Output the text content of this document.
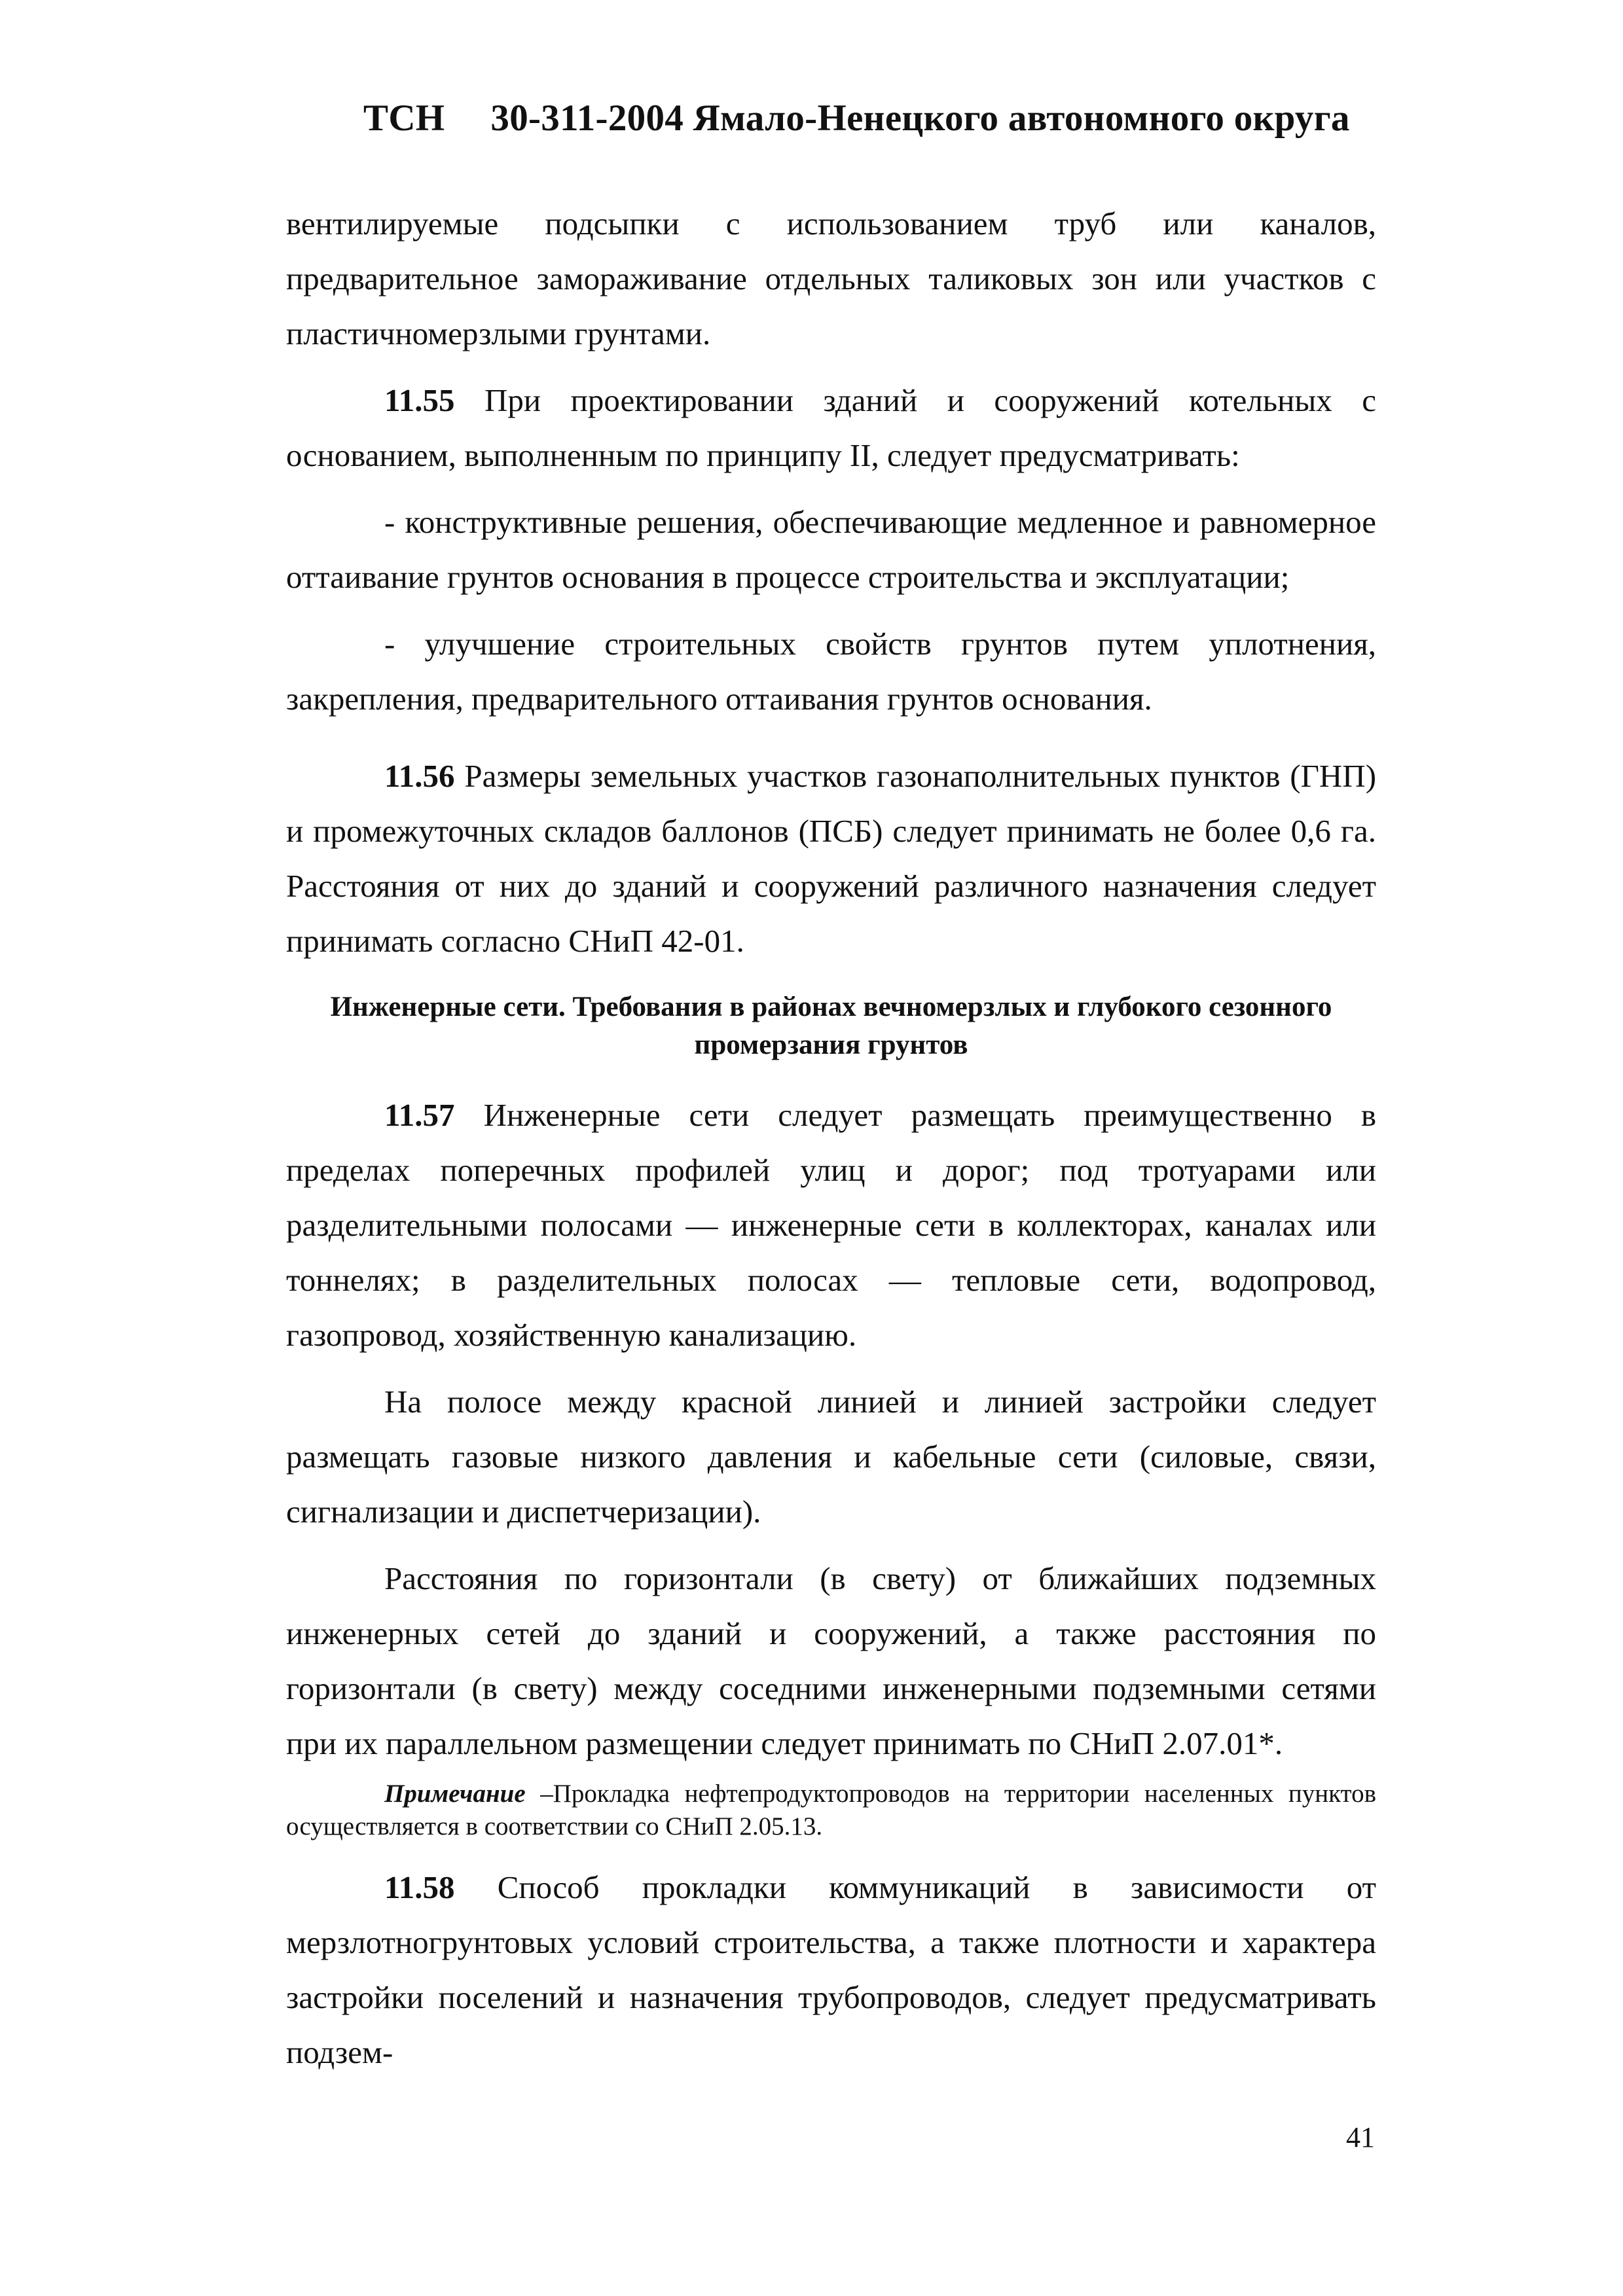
ТСН 30-311-2004 Ямало-Ненецкого автономного округа

вентилируемые подсыпки с использованием труб или каналов, предварительное замораживание отдельных таликовых зон или участков с пластичномерзлыми грунтами.

11.55 При проектировании зданий и сооружений котельных с основанием, выполненным по принципу II, следует предусматривать:

- конструктивные решения, обеспечивающие медленное и равномерное оттаивание грунтов основания в процессе строительства и эксплуатации;

- улучшение строительных свойств грунтов путем уплотнения, закрепления, предварительного оттаивания грунтов основания.

11.56 Размеры земельных участков газонаполнительных пунктов (ГНП) и промежуточных складов баллонов (ПСБ) следует принимать не более 0,6 га. Расстояния от них до зданий и сооружений различного назначения следует принимать согласно СНиП 42-01.

Инженерные сети. Требования в районах вечномерзлых и глубокого сезонного промерзания грунтов

11.57 Инженерные сети следует размещать преимущественно в пределах поперечных профилей улиц и дорог; под тротуарами или разделительными полосами — инженерные сети в коллекторах, каналах или тоннелях; в разделительных полосах — тепловые сети, водопровод, газопровод, хозяйственную канализацию.

На полосе между красной линией и линией застройки следует размещать газовые низкого давления и кабельные сети (силовые, связи, сигнализации и диспетчеризации).

Расстояния по горизонтали (в свету) от ближайших подземных инженерных сетей до зданий и сооружений, а также расстояния по горизонтали (в свету) между соседними инженерными подземными сетями при их параллельном размещении следует принимать по СНиП 2.07.01*.

Примечание –Прокладка нефтепродуктопроводов на территории населенных пунктов осуществляется в соответствии со СНиП 2.05.13.

11.58 Способ прокладки коммуникаций в зависимости от мерзлотногрунтовых условий строительства, а также плотности и характера застройки поселений и назначения трубопроводов, следует предусматривать подзем-

41
